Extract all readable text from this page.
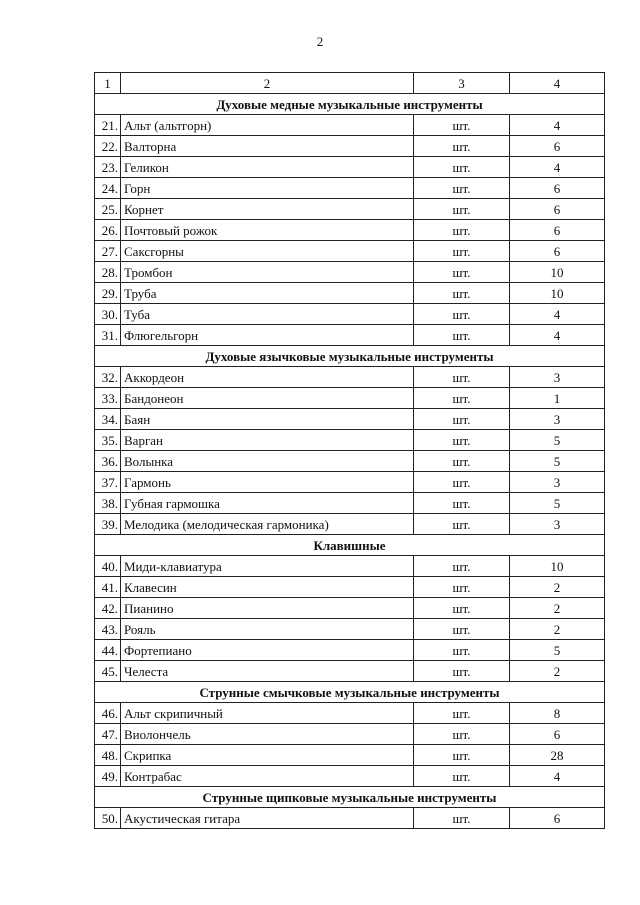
2
1	2	3	4
Духовые медные музыкальные инструменты			
21.	Альт (альтгорн)	шт.	4
22.	Валторна	шт.	6
23.	Геликон	шт.	4
24.	Горн	шт.	6
25.	Корнет	шт.	6
26.	Почтовый рожок	шт.	6
27.	Саксгорны	шт.	6
28.	Тромбон	шт.	10
29.	Труба	шт.	10
30.	Туба	шт.	4
31.	Флюгельгорн	шт.	4
Духовые язычковые музыкальные инструменты			
32.	Аккордеон	шт.	3
33.	Бандонеон	шт.	1
34.	Баян	шт.	3
35.	Варган	шт.	5
36.	Волынка	шт.	5
37.	Гармонь	шт.	3
38.	Губная гармошка	шт.	5
39.	Мелодика (мелодическая гармоника)	шт.	3
Клавишные			
40.	Миди-клавиатура	шт.	10
41.	Клавесин	шт.	2
42.	Пианино	шт.	2
43.	Рояль	шт.	2
44.	Фортепиано	шт.	5
45.	Челеста	шт.	2
Струнные смычковые музыкальные инструменты			
46.	Альт скрипичный	шт.	8
47.	Виолончель	шт.	6
48.	Скрипка	шт.	28
49.	Контрабас	шт.	4
Струнные щипковые музыкальные инструменты			
50.	Акустическая гитара	шт.	6
